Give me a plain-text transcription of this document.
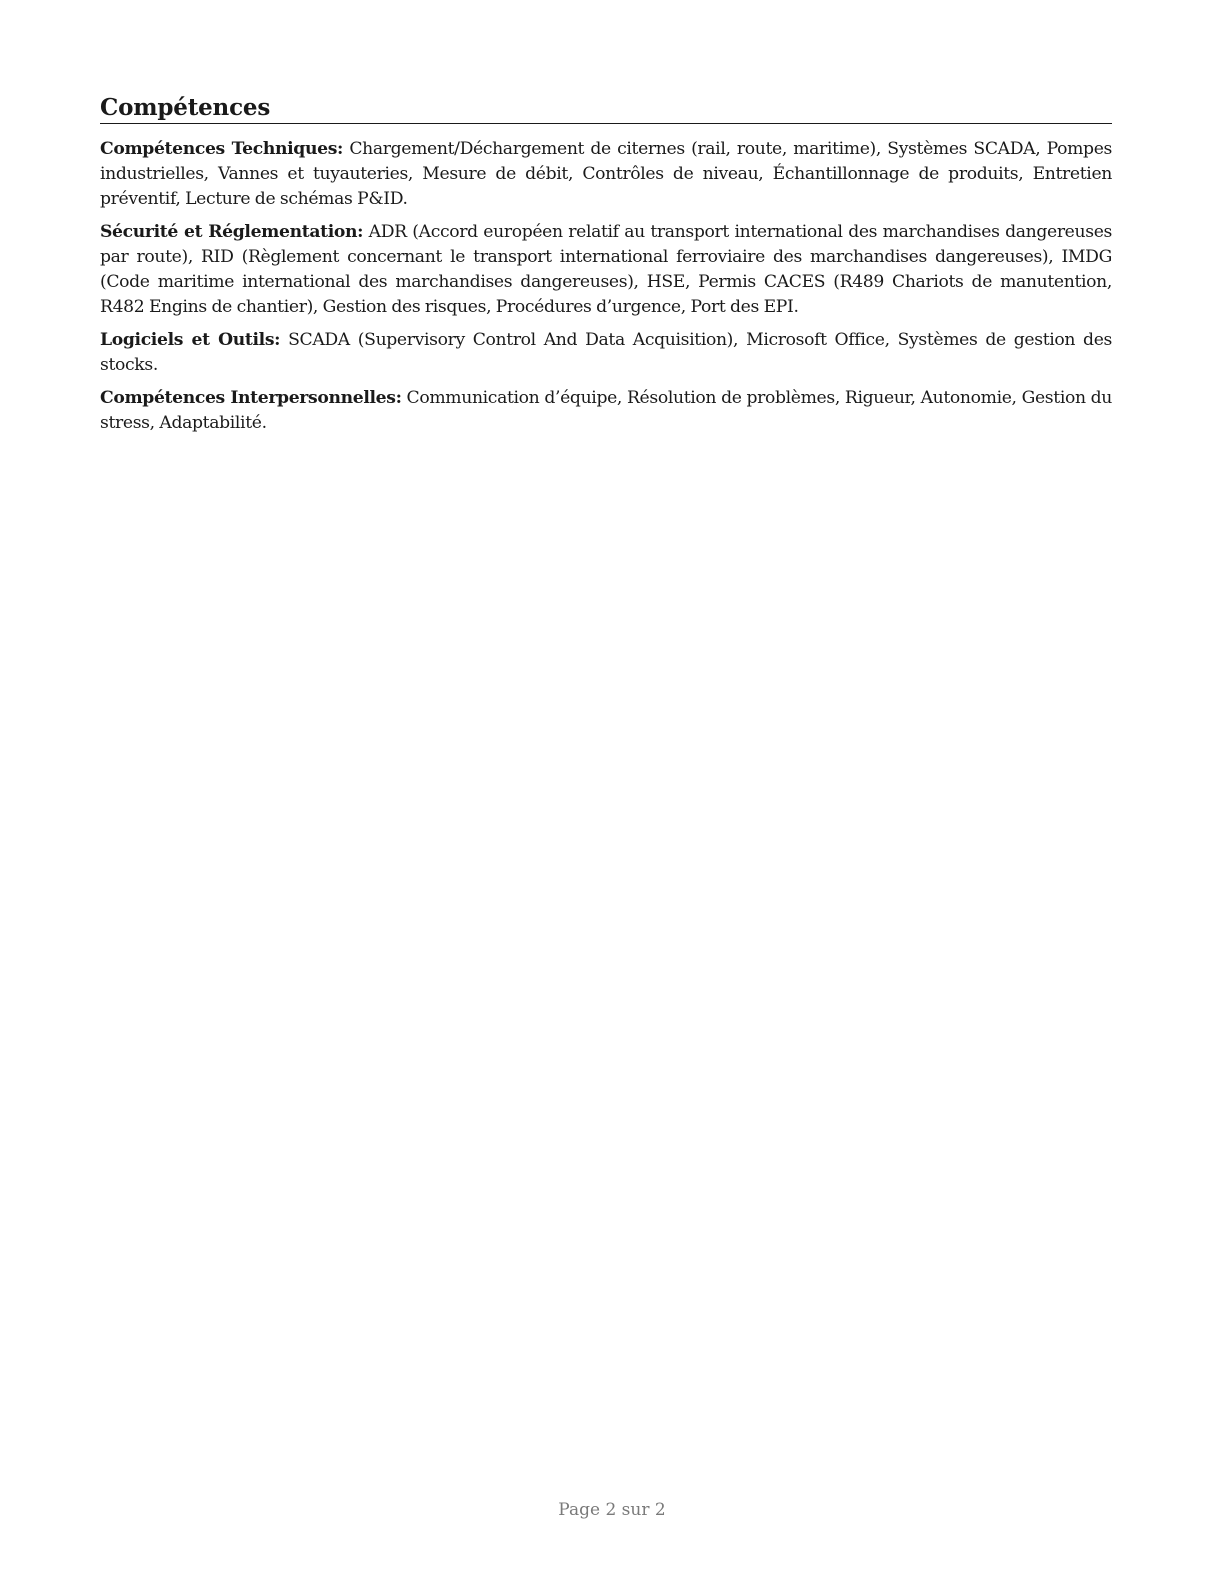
Compétences

Compétences Techniques: Chargement/Déchargement de citernes (rail, route, maritime), Systèmes SCADA, Pompes industrielles, Vannes et tuyauteries, Mesure de débit, Contrôles de niveau, Échantillonnage de produits, Entretien préventif, Lecture de schémas P&ID.

Sécurité et Réglementation: ADR (Accord européen relatif au transport international des marchandises dangereuses par route), RID (Règlement concernant le transport international ferroviaire des marchandises dangereuses), IMDG (Code maritime international des marchandises dangereuses), HSE, Permis CACES (R489 Chariots de manutention, R482 Engins de chantier), Gestion des risques, Procédures d’urgence, Port des EPI.

Logiciels et Outils: SCADA (Supervisory Control And Data Acquisition), Microsoft Office, Systèmes de gestion des stocks.

Compétences Interpersonnelles: Communication d’équipe, Résolution de problèmes, Rigueur, Autonomie, Gestion du stress, Adaptabilité.

Page 2 sur 2
